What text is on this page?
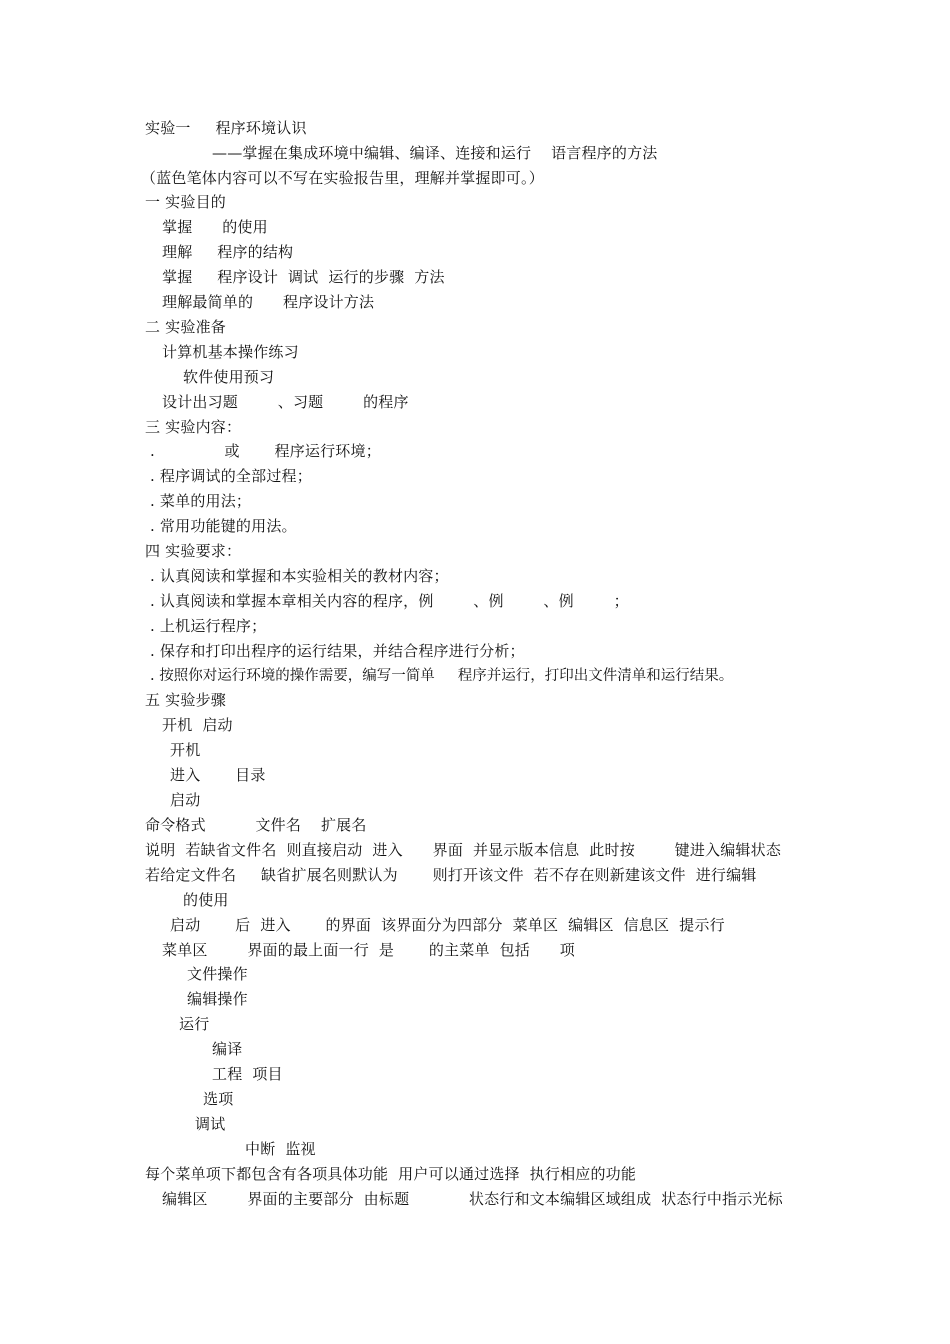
实验一     程序环境认识
——掌握在集成环境中编辑、编译、连接和运行    语言程序的方法
（蓝色笔体内容可以不写在实验报告里，理解并掌握即可。）
一 实验目的
掌握      的使用
理解     程序的结构
掌握     程序设计  调试  运行的步骤  方法
理解最简单的      程序设计方法
二 实验准备
计算机基本操作练习
软件使用预习
设计出习题        、习题        的程序
三 实验内容：
.              或       程序运行环境；
. 程序调试的全部过程；
. 菜单的用法；
. 常用功能键的用法。
四 实验要求：
. 认真阅读和掌握和本实验相关的教材内容；
. 认真阅读和掌握本章相关内容的程序，例        、例        、例        ；
. 上机运行程序；
. 保存和打印出程序的运行结果，并结合程序进行分析；
. 按照你对运行环境的操作需要，编写一简单     程序并运行，打印出文件清单和运行结果。
五 实验步骤
开机  启动
开机
进入       目录
启动
命令格式          文件名    扩展名
说明  若缺省文件名  则直接启动  进入      界面  并显示版本信息  此时按        键进入编辑状态
若给定文件名     缺省扩展名则默认为       则打开该文件  若不存在则新建该文件  进行编辑
的使用
启动       后  进入       的界面  该界面分为四部分  菜单区  编辑区  信息区  提示行
菜单区        界面的最上面一行  是       的主菜单  包括      项
文件操作
编辑操作
运行
编译
工程  项目
选项
调试
中断  监视
每个菜单项下都包含有各项具体功能  用户可以通过选择  执行相应的功能
编辑区        界面的主要部分  由标题            状态行和文本编辑区域组成  状态行中指示光标
